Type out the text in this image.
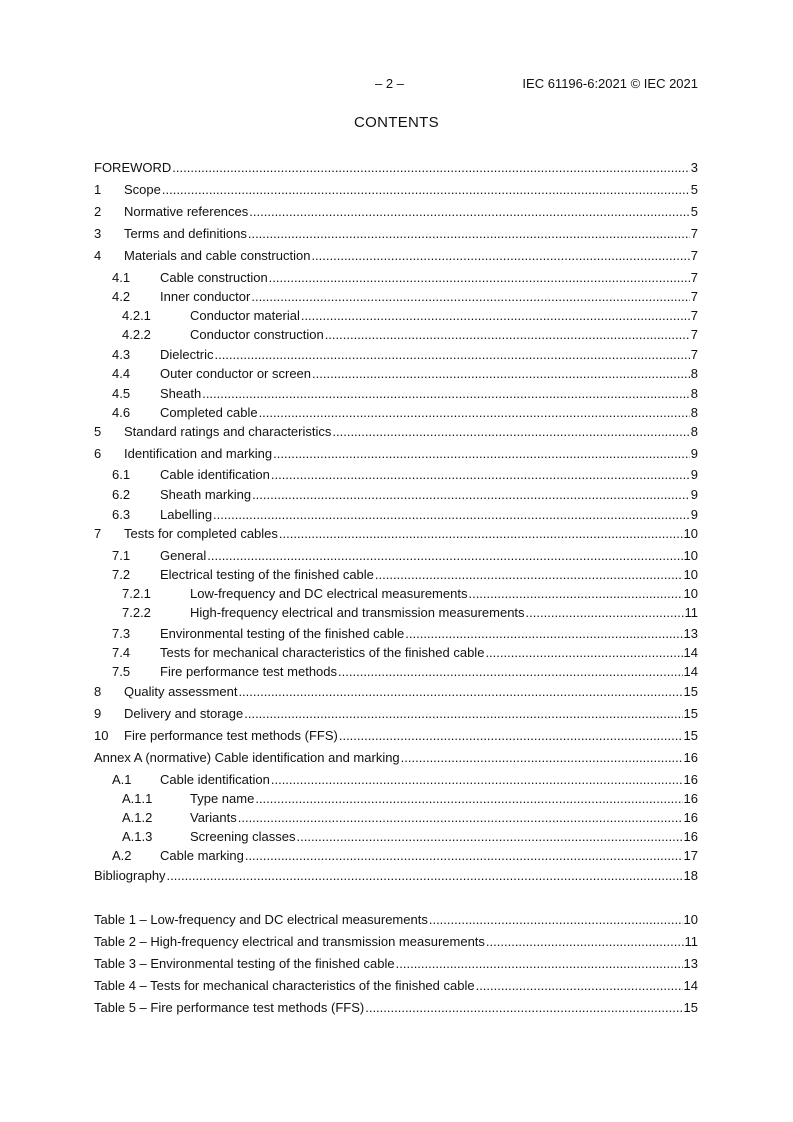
– 2 –	IEC 61196-6:2021 © IEC 2021
CONTENTS
FOREWORD .....	3
1	Scope .....	5
2	Normative references .....	5
3	Terms and definitions .....	7
4	Materials and cable construction .....	7
4.1	Cable construction .....	7
4.2	Inner conductor .....	7
4.2.1	Conductor material .....	7
4.2.2	Conductor construction .....	7
4.3	Dielectric .....	7
4.4	Outer conductor or screen .....	8
4.5	Sheath .....	8
4.6	Completed cable .....	8
5	Standard ratings and characteristics .....	8
6	Identification and marking .....	9
6.1	Cable identification .....	9
6.2	Sheath marking .....	9
6.3	Labelling .....	9
7	Tests for completed cables .....	10
7.1	General .....	10
7.2	Electrical testing of the finished cable .....	10
7.2.1	Low-frequency and DC electrical measurements .....	10
7.2.2	High-frequency electrical and transmission measurements .....	11
7.3	Environmental testing of the finished cable .....	13
7.4	Tests for mechanical characteristics of the finished cable .....	14
7.5	Fire performance test methods .....	14
8	Quality assessment .....	15
9	Delivery and storage .....	15
10	Fire performance test methods (FFS) .....	15
Annex A (normative) Cable identification and marking .....	16
A.1	Cable identification .....	16
A.1.1	Type name .....	16
A.1.2	Variants .....	16
A.1.3	Screening classes .....	16
A.2	Cable marking .....	17
Bibliography .....	18
Table 1 – Low-frequency and DC electrical measurements .....	10
Table 2 – High-frequency electrical and transmission measurements .....	11
Table 3 – Environmental testing of the finished cable .....	13
Table 4 – Tests for mechanical characteristics of the finished cable .....	14
Table 5 – Fire performance test methods (FFS) .....	15
